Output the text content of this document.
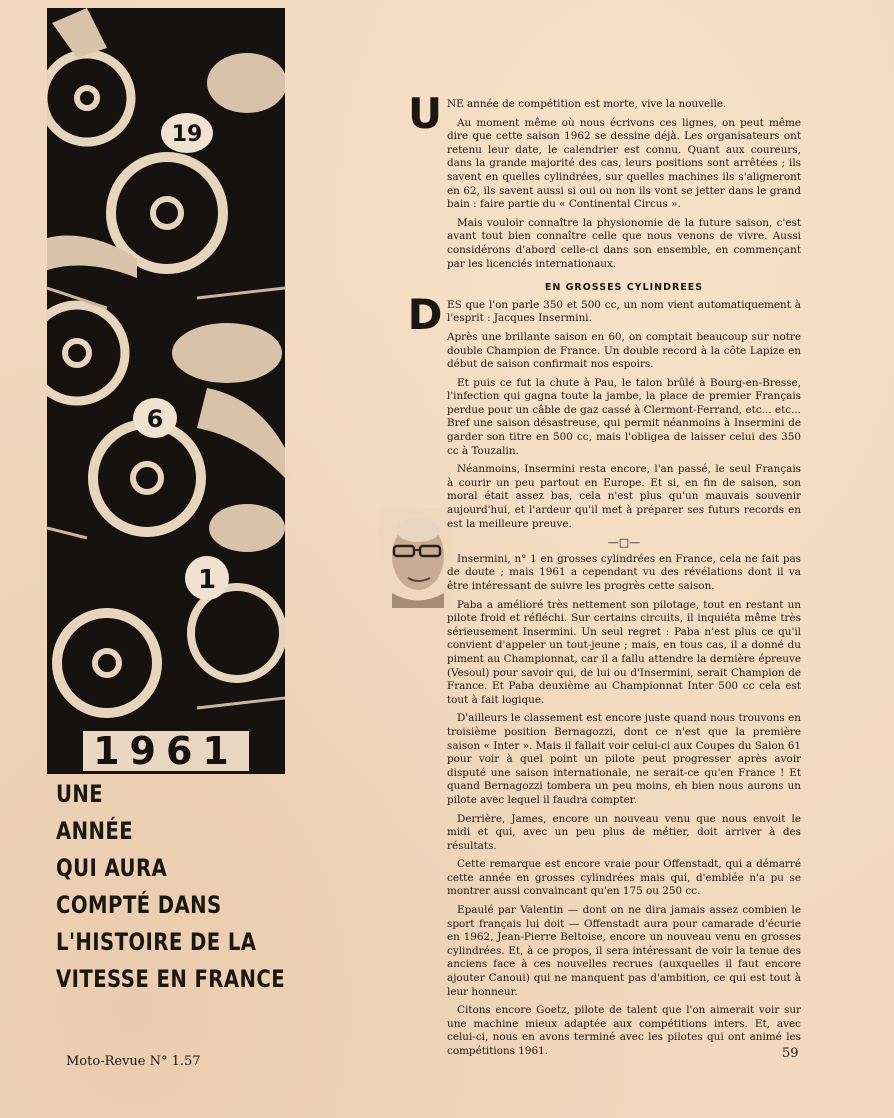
19
6
1
1961
UNE
ANNÉE
QUI AURA
COMPTÉ DANS
L'HISTOIRE DE LA
VITESSE EN FRANCE

UNE année de compétition est morte, vive la nouvelle.

Au moment même où nous écrivons ces lignes, on peut même dire que cette saison 1962 se dessine déjà. Les organisateurs ont retenu leur date, le calendrier est connu. Quant aux coureurs, dans la grande majorité des cas, leurs positions sont arrêtées ; ils savent en quelles cylindrées, sur quelles machines ils s'aligneront en 62, ils savent aussi si oui ou non ils vont se jetter dans le grand bain : faire partie du « Continental Circus ».

Mais vouloir connaître la physionomie de la future saison, c'est avant tout bien connaître celle que nous venons de vivre. Aussi considérons d'abord celle-ci dans son ensemble, en commençant par les licenciés internationaux.

EN GROSSES CYLINDREES

DES que l'on parle 350 et 500 cc, un nom vient automatiquement à l'esprit : Jacques Insermini.

Après une brillante saison en 60, on comptait beaucoup sur notre double Champion de France. Un double record à la côte Lapize en début de saison confirmait nos espoirs.

Et puis ce fut la chute à Pau, le talon brûlé à Bourg-en-Bresse, l'infection qui gagna toute la jambe, la place de premier Français perdue pour un câble de gaz cassé à Clermont-Ferrand, etc... etc... Bref une saison désastreuse, qui permit néanmoins à Insermini de garder son titre en 500 cc, mais l'obligea de laisser celui des 350 cc à Touzalin.

Néanmoins, Insermini resta encore, l'an passé, le seul Français à courir un peu partout en Europe. Et si, en fin de saison, son moral était assez bas, cela n'est plus qu'un mauvais souvenir aujourd'hui, et l'ardeur qu'il met à préparer ses futurs records en est la meilleure preuve.

—□—

Insermini, n° 1 en grosses cylindrées en France, cela ne fait pas de doute ; mais 1961 a cependant vu des révélations dont il va être intéressant de suivre les progrès cette saison.

Paba a amélioré très nettement son pilotage, tout en restant un pilote froid et réfléchi. Sur certains circuits, il inquiéta même très sérieusement Insermini. Un seul regret : Paba n'est plus ce qu'il convient d'appeler un tout-jeune ; mais, en tous cas, il a donné du piment au Championnat, car il a fallu attendre la dernière épreuve (Vesoul) pour savoir qui, de lui ou d'Insermini, serait Champion de France. Et Paba deuxième au Championnat Inter 500 cc cela est tout à fait logique.

D'ailleurs le classement est encore juste quand nous trouvons en troisième position Bernagozzi, dont ce n'est que la première saison « Inter ». Mais il fallait voir celui-ci aux Coupes du Salon 61 pour voir à quel point un pilote peut progresser après avoir disputé une saison internationale, ne serait-ce qu'en France ! Et quand Bernagozzi tombera un peu moins, eh bien nous aurons un pilote avec lequel il faudra compter.

Derrière, James, encore un nouveau venu que nous envoit le midi et qui, avec un peu plus de métier, doit arriver à des résultats.

Cette remarque est encore vraie pour Offenstadt, qui a démarré cette année en grosses cylindrées mais qui, d'emblée n'a pu se montrer aussi convaincant qu'en 175 ou 250 cc.

Epaulé par Valentin — dont on ne dira jamais assez combien le sport français lui doit — Offenstadt aura pour camarade d'écurie en 1962, Jean-Pierre Beltoise, encore un nouveau venu en grosses cylindrées. Et, à ce propos, il sera intéressant de voir la tenue des anciens face à ces nouvelles recrues (auxquelles il faut encore ajouter Canoui) qui ne manquent pas d'ambition, ce qui est tout à leur honneur.

Citons encore Goetz, pilote de talent que l'on aimerait voir sur une machine mieux adaptée aux compétitions inters. Et, avec celui-ci, nous en avons terminé avec les pilotes qui ont animé les compétitions 1961.

Moto-Revue N° 1.57
59
